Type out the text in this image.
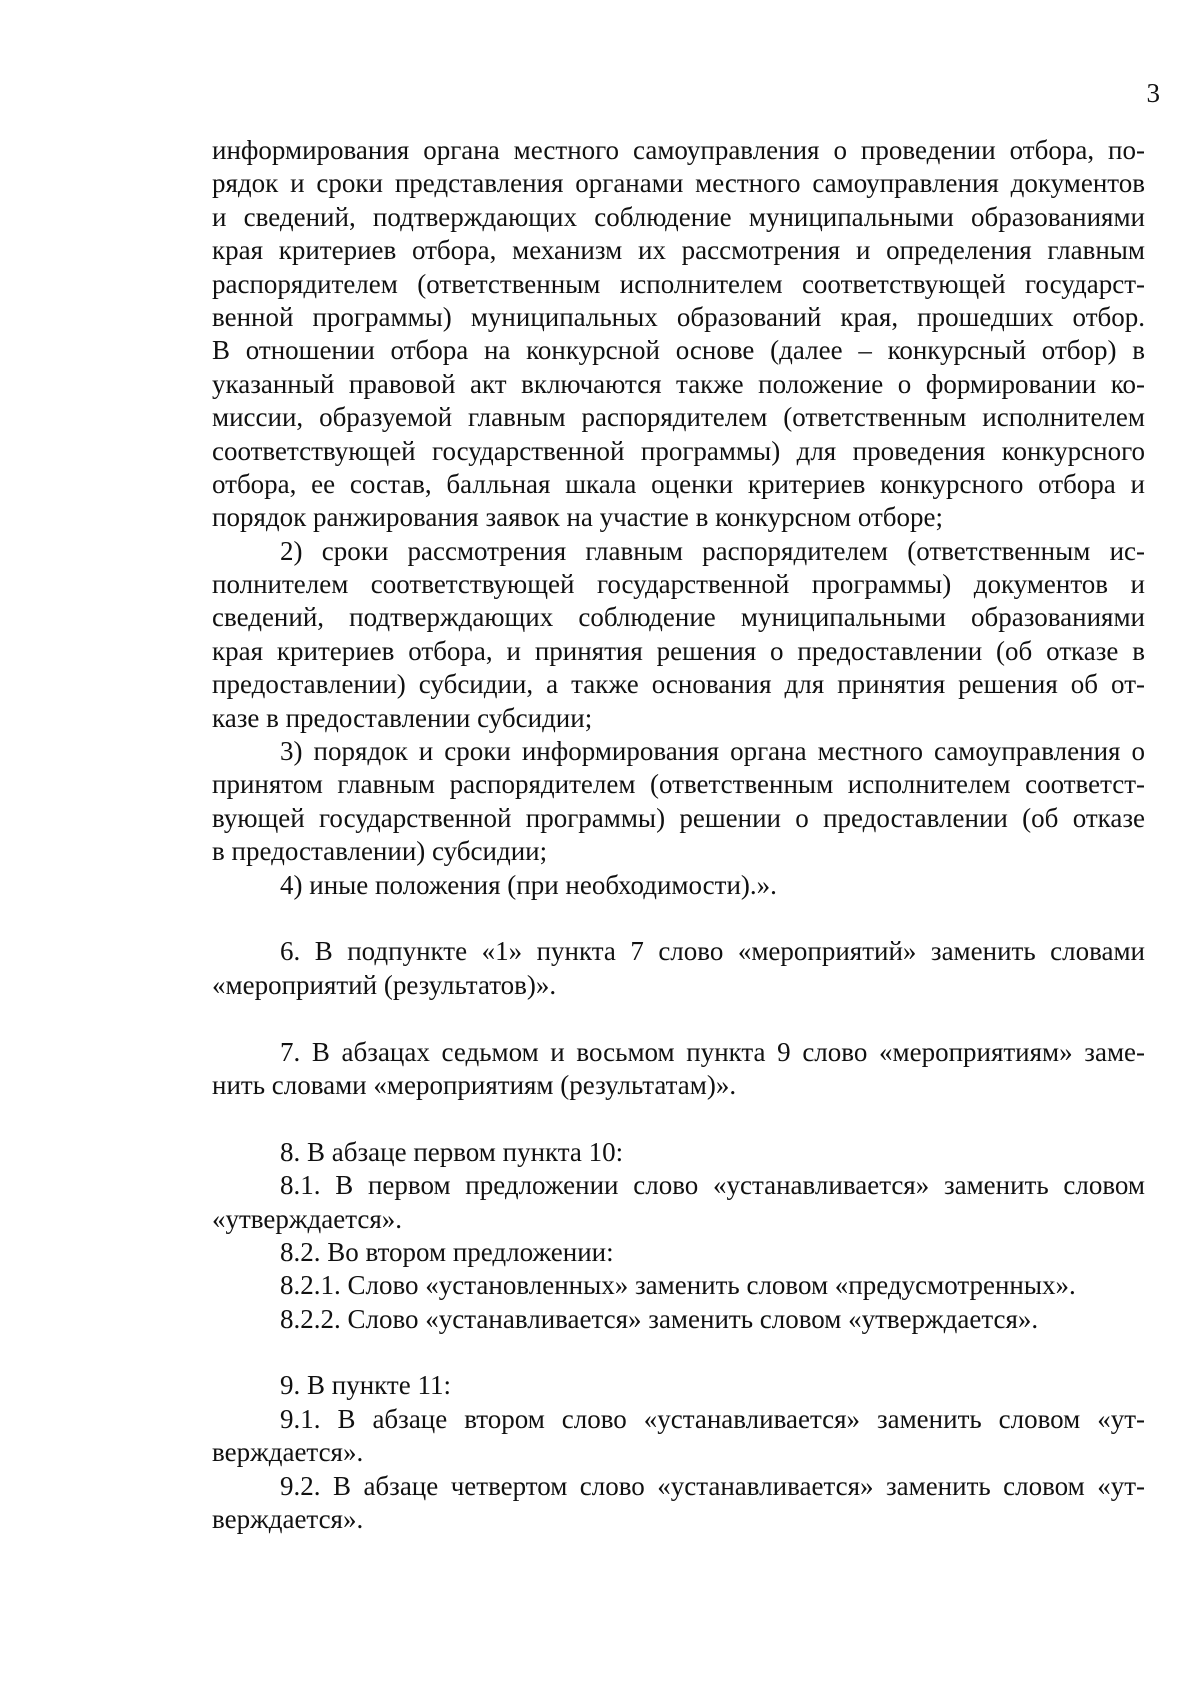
3
информирования органа местного самоуправления о проведении отбора, по-
рядок и сроки представления органами местного самоуправления документов
и сведений, подтверждающих соблюдение муниципальными образованиями
края критериев отбора, механизм их рассмотрения и определения главным
распорядителем (ответственным исполнителем соответствующей государст-
венной программы) муниципальных образований края, прошедших отбор.
В отношении отбора на конкурсной основе (далее – конкурсный отбор) в
указанный правовой акт включаются также положение о формировании ко-
миссии, образуемой главным распорядителем (ответственным исполнителем
соответствующей государственной программы) для проведения конкурсного
отбора, ее состав, балльная шкала оценки критериев конкурсного отбора и
порядок ранжирования заявок на участие в конкурсном отборе;
2) сроки рассмотрения главным распорядителем (ответственным ис-
полнителем соответствующей государственной программы) документов и
сведений, подтверждающих соблюдение муниципальными образованиями
края критериев отбора, и принятия решения о предоставлении (об отказе в
предоставлении) субсидии, а также основания для принятия решения об от-
казе в предоставлении субсидии;
3) порядок и сроки информирования органа местного самоуправления о
принятом главным распорядителем (ответственным исполнителем соответст-
вующей государственной программы) решении о предоставлении (об отказе
в предоставлении) субсидии;
4) иные положения (при необходимости).».
6. В подпункте «1» пункта 7 слово «мероприятий» заменить словами
«мероприятий (результатов)».
7. В абзацах седьмом и восьмом пункта 9 слово «мероприятиям» заме-
нить словами «мероприятиям (результатам)».
8. В абзаце первом пункта 10:
8.1. В первом предложении слово «устанавливается» заменить словом
«утверждается».
8.2. Во втором предложении:
8.2.1. Слово «установленных» заменить словом «предусмотренных».
8.2.2. Слово «устанавливается» заменить словом «утверждается».
9. В пункте 11:
9.1. В абзаце втором слово «устанавливается» заменить словом «ут-
верждается».
9.2. В абзаце четвертом слово «устанавливается» заменить словом «ут-
верждается».
